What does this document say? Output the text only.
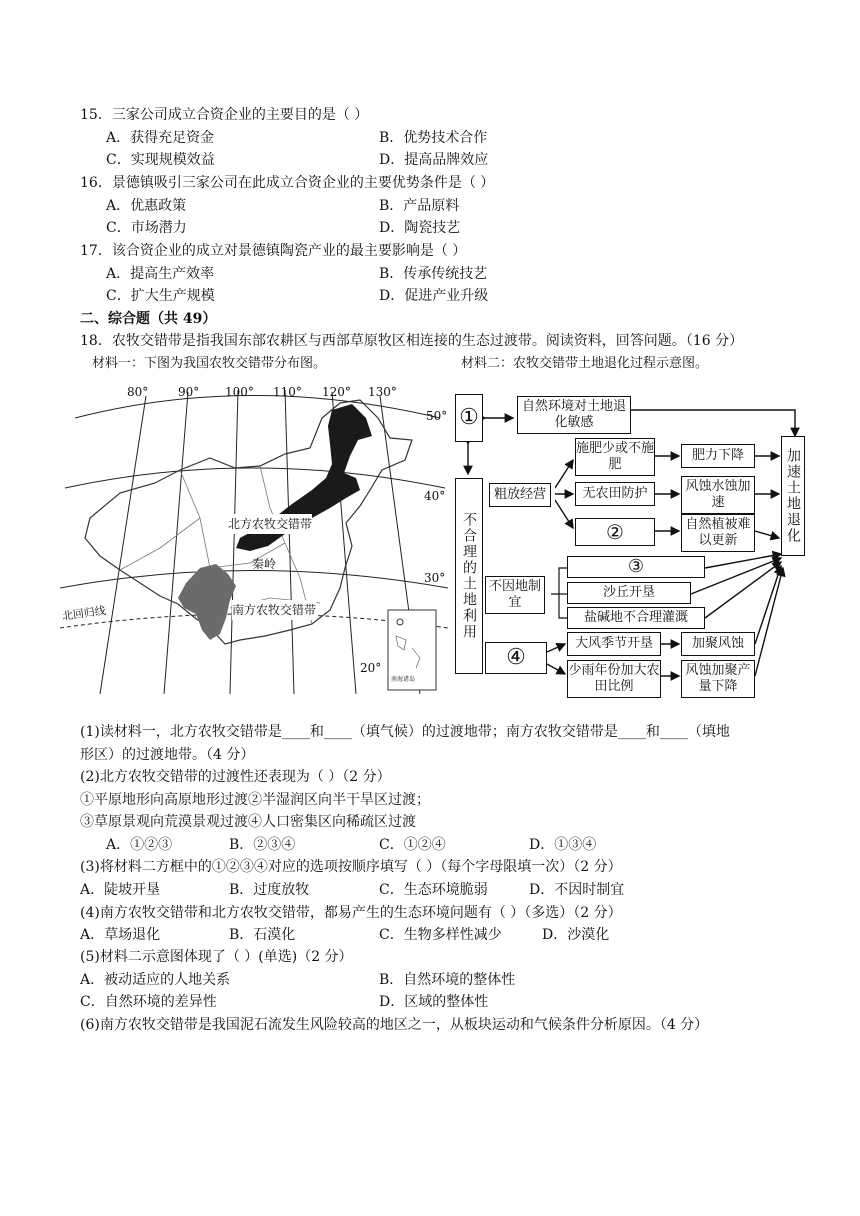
15．三家公司成立合资企业的主要目的是（ ）
A．获得充足资金	B．优势技术合作
C．实现规模效益	D．提高品牌效应
16．景德镇吸引三家公司在此成立合资企业的主要优势条件是（ ）
A．优惠政策	B．产品原料
C．市场潜力	D．陶瓷技艺
17．该合资企业的成立对景德镇陶瓷产业的最主要影响是（ ）
A．提高生产效率	B．传承传统技艺
C．扩大生产规模	D．促进产业升级
二、综合题（共 49）
18．农牧交错带是指我国东部农耕区与西部草原牧区相连接的生态过渡带。阅读资料，回答问题。（16 分）
材料一：下图为我国农牧交错带分布图。	材料二：农牧交错带土地退化过程示意图。
80° 90° 100° 110° 120° 130°
50°
40°
30°
20°
北方农牧交错带
南方农牧交错带
秦岭
北回归线
南海诸岛
①	自然环境对土地退化敏感
不合理的土地利用
粗放经营
施肥少或不施肥
肥力下降
无农田防护	风蚀水蚀加速
②	自然植被难以更新
不因地制宜
③
沙丘开垦
盐碱地不合理灌溉
④
大风季节开垦	加聚风蚀
少雨年份加大农田比例
风蚀加聚产量下降
加速土地退化
(1)读材料一，北方农牧交错带是____和____（填气候）的过渡地带；南方农牧交错带是____和____（填地
形区）的过渡地带。（4 分）
(2)北方农牧交错带的过渡性还表现为（ ）（2 分）
①平原地形向高原地形过渡②半湿润区向半干旱区过渡；
③草原景观向荒漠景观过渡④人口密集区向稀疏区过渡
A．①②③	B．②③④	C．①②④	D．①③④
(3)将材料二方框中的①②③④对应的选项按顺序填写（ ）（每个字母限填一次）（2 分）
A．陡坡开垦	B．过度放牧	C．生态环境脆弱	D．不因时制宜
(4)南方农牧交错带和北方农牧交错带，都易产生的生态环境问题有（ ）（多选）（2 分）
A．草场退化	B．石漠化	C．生物多样性减少	D．沙漠化
(5)材料二示意图体现了（ ）(单选)（2 分）
A．被动适应的人地关系	B．自然环境的整体性
C．自然环境的差异性	D．区域的整体性
(6)南方农牧交错带是我国泥石流发生风险较高的地区之一，从板块运动和气候条件分析原因。（4 分）
